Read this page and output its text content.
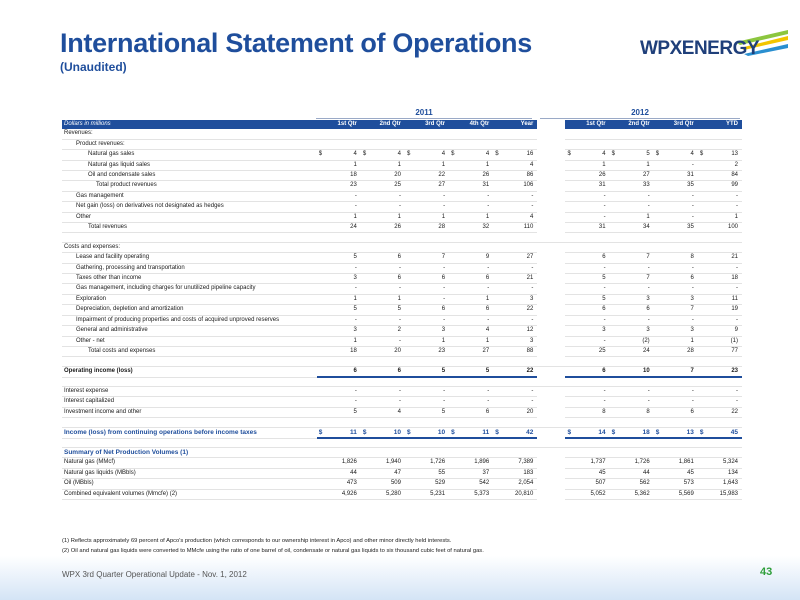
International Statement of Operations
(Unaudited)
WPXENERGY
2011	2012
Dollars in millions	1st Qtr	2nd Qtr	3rd Qtr	4th Qtr	Year		1st Qtr	2nd Qtr	3rd Qtr	YTD
Revenues:										
Product revenues:										
Natural gas sales	$ 4	$ 4	$ 4	$ 4	$ 16		$ 4	$ 5	$ 4	$ 13
Natural gas liquid sales	1	1	1	1	4		1	1	-	2
Oil and condensate sales	18	20	22	26	86		26	27	31	84
Total product revenues	23	25	27	31	106		31	33	35	99
Gas management	-	-	-	-	-		-	-	-	-
Net gain (loss) on derivatives not designated as hedges	-	-	-	-	-		-	-	-	-
Other	1	1	1	1	4		-	1	-	1
Total revenues	24	26	28	32	110		31	34	35	100

Costs and expenses:										
Lease and facility operating	5	6	7	9	27		6	7	8	21
Gathering, processing and transportation	-	-	-	-	-		-	-	-	-
Taxes other than income	3	6	6	6	21		5	7	6	18
Gas management, including charges for unutilized pipeline capacity	-	-	-	-	-		-	-	-	-
Exploration	1	1	-	1	3		5	3	3	11
Depreciation, depletion and amortization	5	5	6	6	22		6	6	7	19
Impairment of producing properties and costs of acquired unproved reserves	-	-	-	-	-		-	-	-	-
General and administrative	3	2	3	4	12		3	3	3	9
Other - net	1	-	1	1	3		-	(2)	1	(1)
Total costs and expenses	18	20	23	27	88		25	24	28	77

Operating income (loss)	6	6	5	5	22		6	10	7	23

Interest expense	-	-	-	-	-		-	-	-	-
Interest capitalized	-	-	-	-	-		-	-	-	-
Investment income and other	5	4	5	6	20		8	8	6	22

Income (loss) from continuing operations before income taxes	$ 11	$ 10	$ 10	$ 11	$ 42		$ 14	$ 18	$ 13	$ 45

Summary of Net Production Volumes (1)										
Natural gas (MMcf)	1,826	1,940	1,726	1,896	7,389		1,737	1,726	1,861	5,324
Natural gas liquids (MBbls)	44	47	55	37	183		45	44	45	134
Oil (MBbls)	473	509	529	542	2,054		507	562	573	1,643
Combined equivalent volumes (Mmcfe) (2)	4,926	5,280	5,231	5,373	20,810		5,052	5,362	5,569	15,983
(1) Reflects approximately 69 percent of Apco's production (which corresponds to our ownership interest in Apco) and other minor directly held interests.
(2) Oil and natural gas liquids were converted to MMcfe using the ratio of one barrel of oil, condensate or natural gas liquids to six thousand cubic feet of natural gas.
WPX 3rd Quarter Operational Update - Nov. 1, 2012	43
